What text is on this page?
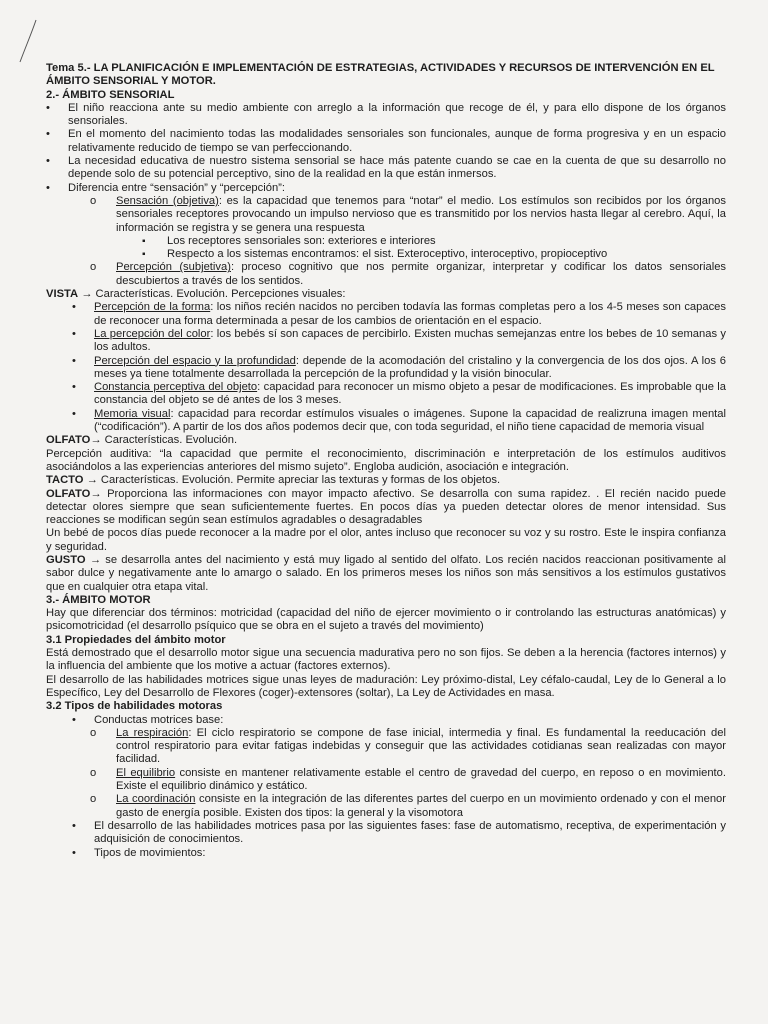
Tema 5.- LA PLANIFICACIÓN E IMPLEMENTACIÓN DE ESTRATEGIAS, ACTIVIDADES Y RECURSOS DE INTERVENCIÓN EN EL ÁMBITO SENSORIAL Y MOTOR.

2.- ÁMBITO SENSORIAL

• El niño reacciona ante su medio ambiente con arreglo a la información que recoge de él, y para ello dispone de los órganos sensoriales.
• En el momento del nacimiento todas las modalidades sensoriales son funcionales, aunque de forma progresiva y en un espacio relativamente reducido de tiempo se van perfeccionando.
• La necesidad educativa de nuestro sistema sensorial se hace más patente cuando se cae en la cuenta de que su desarrollo no depende solo de su potencial perceptivo, sino de la realidad en la que están inmersos.
• Diferencia entre “sensación” y “percepción”:
o Sensación (objetiva): es la capacidad que tenemos para “notar” el medio. Los estímulos son recibidos por los órganos sensoriales receptores provocando un impulso nervioso que es transmitido por los nervios hasta llegar al cerebro. Aquí, la información se registra y se genera una respuesta
▪ Los receptores sensoriales son: exteriores e interiores
▪ Respecto a los sistemas encontramos: el sist. Exteroceptivo, interoceptivo, propioceptivo
o Percepción (subjetiva): proceso cognitivo que nos permite organizar, interpretar y codificar los datos sensoriales descubiertos a través de los sentidos.

VISTA → Características. Evolución. Percepciones visuales:

• Percepción de la forma: los niños recién nacidos no perciben todavía las formas completas pero a los 4-5 meses son capaces de reconocer una forma determinada a pesar de los cambios de orientación en el espacio.
• La percepción del color: los bebés sí son capaces de percibirlo. Existen muchas semejanzas entre los bebes de 10 semanas y los adultos.
• Percepción del espacio y la profundidad: depende de la acomodación del cristalino y la convergencia de los dos ojos. A los 6 meses ya tiene totalmente desarrollada la percepción de la profundidad y la visión binocular.
• Constancia perceptiva del objeto: capacidad para reconocer un mismo objeto a pesar de modificaciones. Es improbable que la constancia del objeto se dé antes de los 3 meses.
• Memoria visual: capacidad para recordar estímulos visuales o imágenes. Supone la capacidad de realizruna imagen mental (“codificación”). A partir de los dos años podemos decir que, con toda seguridad, el niño tiene capacidad de memoria visual

OLFATO→ Características. Evolución.

Percepción auditiva: “la capacidad que permite el reconocimiento, discriminación e interpretación de los estímulos auditivos asociándolos a las experiencias anteriores del mismo sujeto”. Engloba audición, asociación e integración.

TACTO → Características. Evolución. Permite apreciar las texturas y formas de los objetos.

OLFATO→ Proporciona las informaciones con mayor impacto afectivo. Se desarrolla con suma rapidez. . El recién nacido puede detectar olores siempre que sean suficientemente fuertes. En pocos días ya pueden detectar olores de menor intensidad. Sus reacciones se modifican según sean estímulos agradables o desagradables

Un bebé de pocos días puede reconocer a la madre por el olor, antes incluso que reconocer su voz y su rostro. Este le inspira confianza y seguridad.

GUSTO → se desarrolla antes del nacimiento y está muy ligado al sentido del olfato. Los recién nacidos reaccionan positivamente al sabor dulce y negativamente ante lo amargo o salado. En los primeros meses los niños son más sensitivos a los estímulos gustativos que en cualquier otra etapa vital.

3.- ÁMBITO MOTOR

Hay que diferenciar dos términos: motricidad (capacidad del niño de ejercer movimiento o ir controlando las estructuras anatómicas) y psicomotricidad (el desarrollo psíquico que se obra en el sujeto a través del movimiento)

3.1 Propiedades del ámbito motor

Está demostrado que el desarrollo motor sigue una secuencia madurativa pero no son fijos. Se deben a la herencia (factores internos) y la influencia del ambiente que los motive a actuar (factores externos).

El desarrollo de las habilidades motrices sigue unas leyes de maduración: Ley próximo-distal, Ley céfalo-caudal, Ley de lo General a lo Específico, Ley del Desarrollo de Flexores (coger)-extensores (soltar), La Ley de Actividades en masa.

3.2 Tipos de habilidades motoras

• Conductas motrices base:
o La respiración: El ciclo respiratorio se compone de fase inicial, intermedia y final. Es fundamental la reeducación del control respiratorio para evitar fatigas indebidas y conseguir que las actividades cotidianas sean realizadas con mayor facilidad.
o El equilibrio consiste en mantener relativamente estable el centro de gravedad del cuerpo, en reposo o en movimiento. Existe el equilibrio dinámico y estático.
o La coordinación consiste en la integración de las diferentes partes del cuerpo en un movimiento ordenado y con el menor gasto de energía posible. Existen dos tipos: la general y la visomotora
• El desarrollo de las habilidades motrices pasa por las siguientes fases: fase de automatismo, receptiva, de experimentación y adquisición de conocimientos.
• Tipos de movimientos:
